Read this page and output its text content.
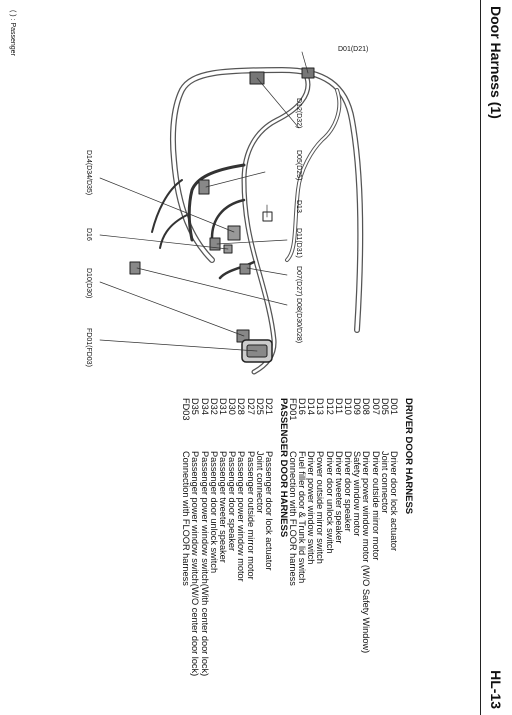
Door Harness (1)
HL-13
D01(D21)
D12(D32)
D05(D25)
D13
D11(D31)
D07(D27)
D08(D30/D28)
D14(D34/D35)
D16
D10(D30)
FD01(FD03)
( ) : Passenger
DRIVER DOOR HARNESS
D01
Driver door lock actuator
D05
Joint connector
D07
Driver outside mirror motor
D08
Driver power window motor (W/O Safety Window)
D09
Safety window motor
D10
Driver door speaker
D11
Driver tweeter speaker
D12
Driver door unlock switch
D13
Power outside mirror switch
D14
Driver power window switch
D16
Fuel filler door & Trunk lid switch
FD01
Connection with FLOOR harness
PASSENGER DOOR HARNESS
D21
Passenger door lock actuator
D25
Joint connector
D27
Passenger outside mirror motor
D28
Passenger power window motor
D30
Passenger door speaker
D31
Passenger tweeter speaker
D32
Passenger door unlock switch
D34
Passenger power window switch(With center door lock)
D35
Passenger power window switch(W/O center door lock)
FD03
Connection with FLOOR harness
